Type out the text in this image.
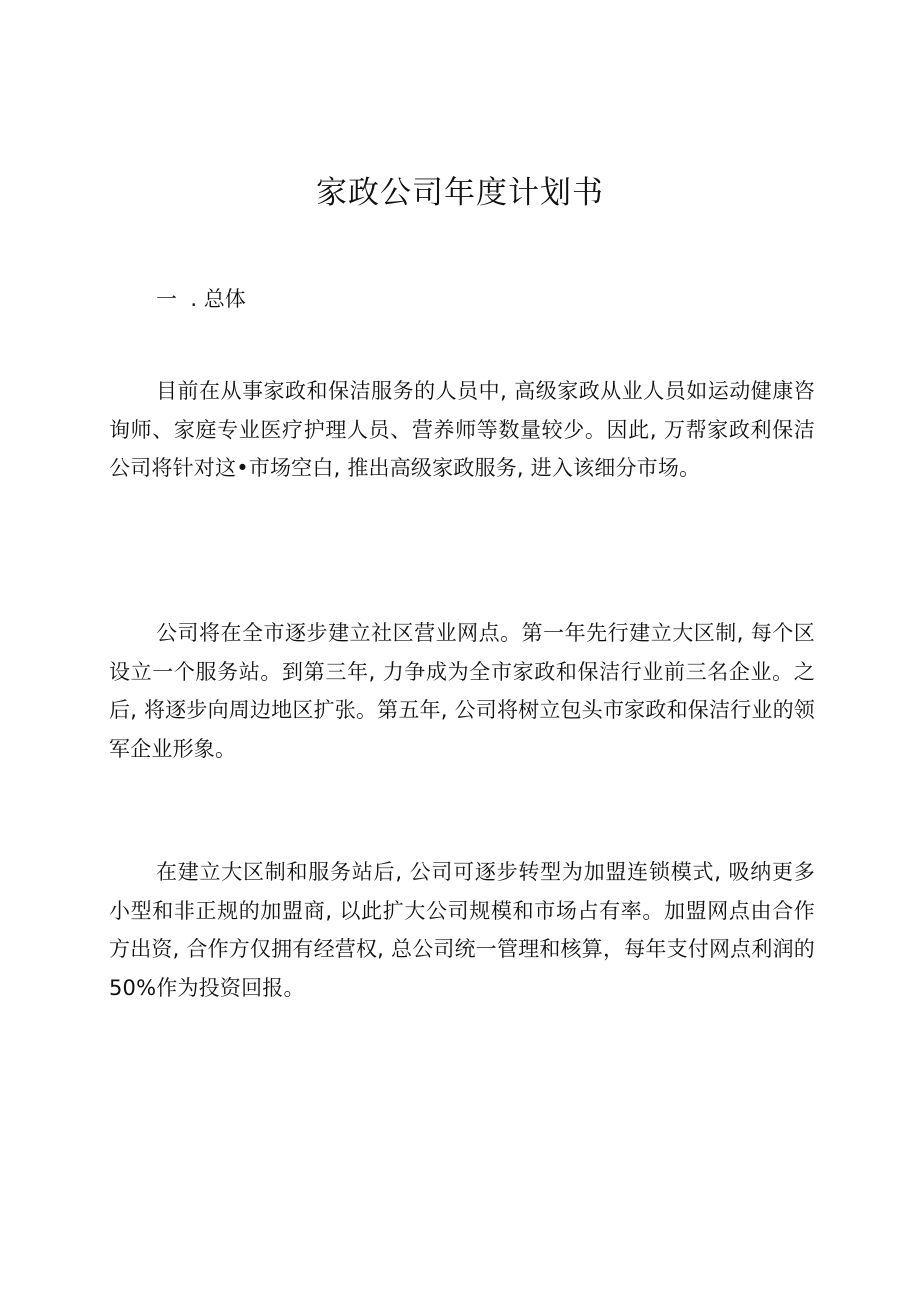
家政公司年度计划书

一  . 总体

目前在从事家政和保洁服务的人员中, 高级家政从业人员如运动健康咨询师、家庭专业医疗护理人员、营养师等数量较少。因此, 万帮家政利保洁公司将针对这•市场空白, 推出高级家政服务, 进入该细分市场。

公司将在全市逐步建立社区营业网点。第一年先行建立大区制, 每个区设立一个服务站。到第三年, 力争成为全市家政和保洁行业前三名企业。之后, 将逐步向周边地区扩张。第五年, 公司将树立包头市家政和保洁行业的领军企业形象。

在建立大区制和服务站后, 公司可逐步转型为加盟连锁模式, 吸纳更多小型和非正规的加盟商, 以此扩大公司规模和市场占有率。加盟网点由合作方出资, 合作方仅拥有经营权, 总公司统一管理和核算，每年支付网点利润的50%作为投资回报。
